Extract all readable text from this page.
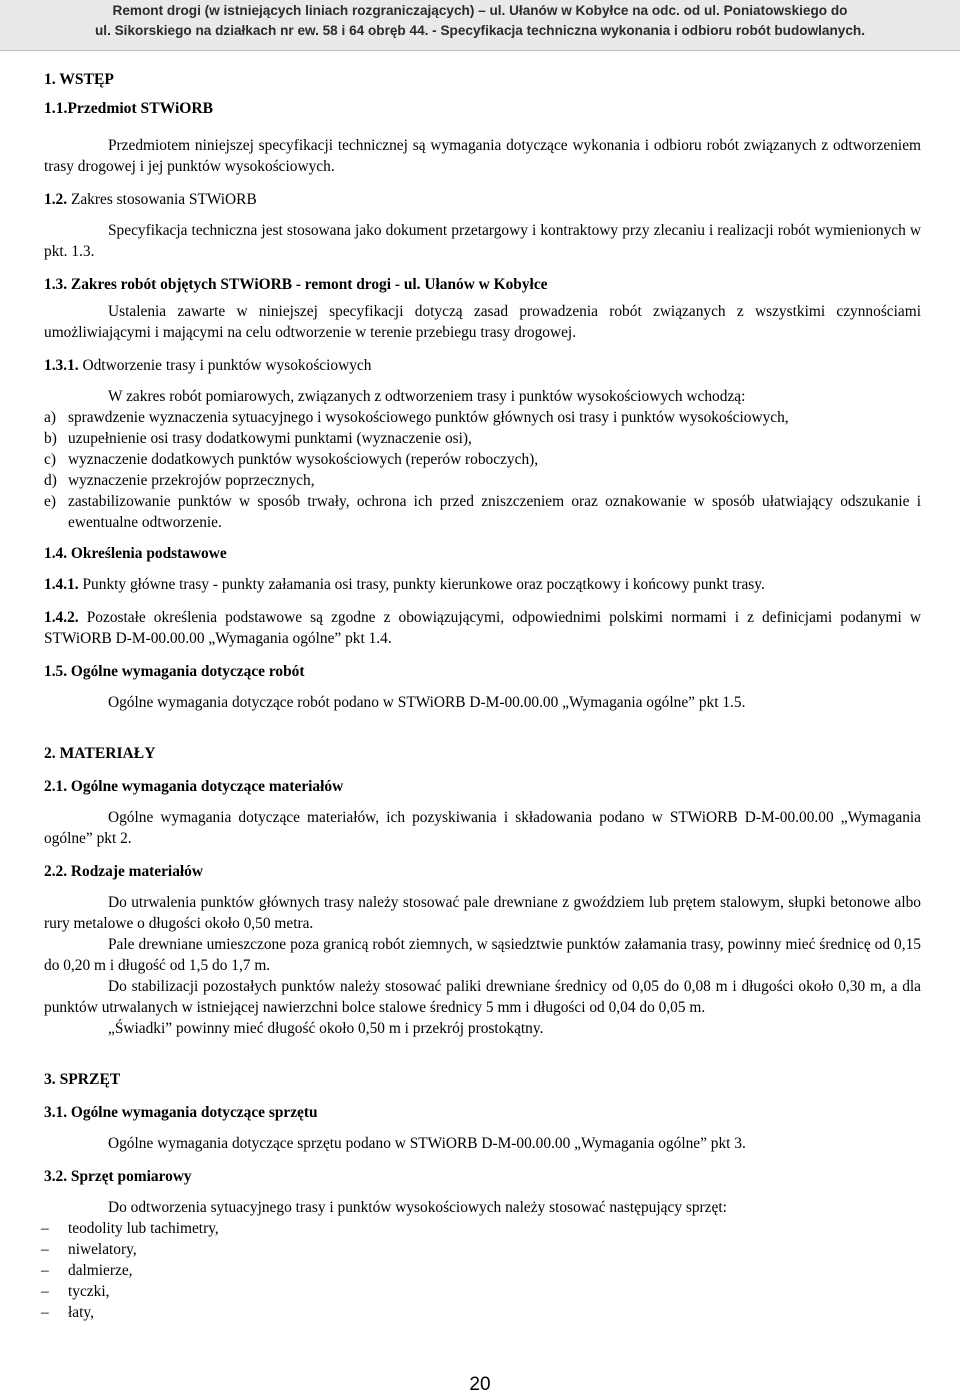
Remont drogi (w istniejących liniach rozgraniczających) – ul. Ułanów w Kobyłce na odc. od ul. Poniatowskiego do
ul. Sikorskiego na działkach nr ew. 58 i 64 obręb 44. - Specyfikacja techniczna wykonania i odbioru robót budowlanych.

1. WSTĘP

1.1.Przedmiot STWiORB

Przedmiotem niniejszej specyfikacji technicznej są wymagania dotyczące wykonania i odbioru robót związanych z odtworzeniem trasy drogowej i jej punktów wysokościowych.

1.2. Zakres stosowania STWiORB

Specyfikacja techniczna jest stosowana jako dokument przetargowy i kontraktowy przy zlecaniu i realizacji robót wymienionych w pkt. 1.3.

1.3. Zakres robót objętych STWiORB - remont drogi - ul. Ułanów w Kobyłce

Ustalenia zawarte w niniejszej specyfikacji dotyczą zasad prowadzenia robót związanych z wszystkimi czynnościami umożliwiającymi i mającymi na celu odtworzenie w terenie przebiegu trasy drogowej.

1.3.1. Odtworzenie trasy i punktów wysokościowych

W zakres robót pomiarowych, związanych z odtworzeniem trasy i punktów wysokościowych wchodzą:

a) sprawdzenie wyznaczenia sytuacyjnego i wysokościowego punktów głównych osi trasy i punktów wysokościowych,
b) uzupełnienie osi trasy dodatkowymi punktami (wyznaczenie osi),
c) wyznaczenie dodatkowych punktów wysokościowych (reperów roboczych),
d) wyznaczenie przekrojów poprzecznych,
e) zastabilizowanie punktów w sposób trwały, ochrona ich przed zniszczeniem oraz oznakowanie w sposób ułatwiający odszukanie i ewentualne odtworzenie.

1.4. Określenia podstawowe

1.4.1. Punkty główne trasy - punkty załamania osi trasy, punkty kierunkowe oraz początkowy i końcowy punkt trasy.

1.4.2. Pozostałe określenia podstawowe są zgodne z obowiązującymi, odpowiednimi polskimi normami i z definicjami podanymi w STWiORB D-M-00.00.00 „Wymagania ogólne” pkt 1.4.

1.5. Ogólne wymagania dotyczące robót

Ogólne wymagania dotyczące robót podano w STWiORB D-M-00.00.00 „Wymagania ogólne” pkt 1.5.

2. MATERIAŁY

2.1. Ogólne wymagania dotyczące materiałów

Ogólne wymagania dotyczące materiałów, ich pozyskiwania i składowania podano w STWiORB D-M-00.00.00 „Wymagania ogólne” pkt 2.

2.2. Rodzaje materiałów

Do utrwalenia punktów głównych trasy należy stosować pale drewniane z gwoździem lub prętem stalowym, słupki betonowe albo rury metalowe o długości około 0,50 metra.

Pale drewniane umieszczone poza granicą robót ziemnych, w sąsiedztwie punktów załamania trasy, powinny mieć średnicę od 0,15 do 0,20 m i długość od 1,5 do 1,7 m.

Do stabilizacji pozostałych punktów należy stosować paliki drewniane średnicy od 0,05 do 0,08 m i długości około 0,30 m, a dla punktów utrwalanych w istniejącej nawierzchni bolce stalowe średnicy 5 mm i długości od 0,04 do 0,05 m.

„Świadki” powinny mieć długość około 0,50 m i przekrój prostokątny.

3. SPRZĘT

3.1. Ogólne wymagania dotyczące sprzętu

Ogólne wymagania dotyczące sprzętu podano w STWiORB D-M-00.00.00 „Wymagania ogólne” pkt 3.

3.2. Sprzęt pomiarowy

Do odtworzenia sytuacyjnego trasy i punktów wysokościowych należy stosować następujący sprzęt:

– teodolity lub tachimetry,
– niwelatory,
– dalmierze,
– tyczki,
– łaty,
20
